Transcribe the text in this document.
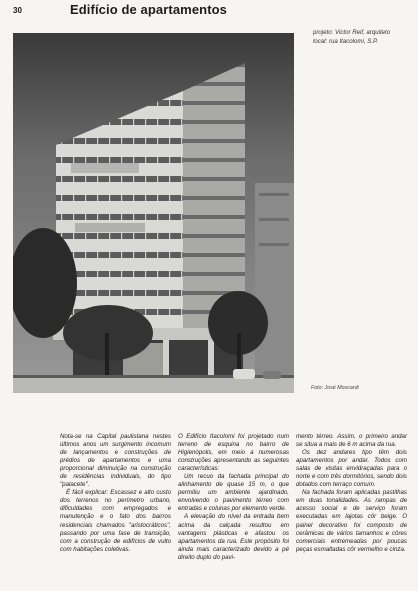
30	Edifício de apartamentos
projeto: Victor Reif, arquiteto
local: rua Itacolomi, S.P.
Foto: José Moscardi

Nota-se na Capital paulistana nestes últimos anos um surgimento incomum de lançamentos e construções de prédios de apartamentos e uma proporcional diminuição na construção de residências individuais, do tipo "palacete".

É fácil explicar: Escassez e alto custo dos terrenos no perímetro urbano, dificuldades com empregados e manutenção e o fato dos bairros residenciais chamados "aristocráticos", passando por uma fase de transição, com a construção de edifícios de vulto com habitações coletivas.

O Edifício Itacolomi foi projetado num terreno de esquina no bairro de Higienópolis, em meio a numerosas construções apresentando as seguintes características:

Um recuo da fachada principal do alinhamento de quase 15 m, o que permitiu um ambiente ajardinado, envolvendo o pavimento térreo com entradas e colunas por elemento verde.

A elevação do nível da entrada bem acima da calçada resultou em vantagens plásticas e afastou os apartamentos da rua. Este propósito foi ainda mais caracterizado devido a pé direito duplo do pavi-

mento térreo. Assim, o primeiro andar se situa a mais de 6 m acima da rua.

Os dez andares tipo têm dois apartamentos por andar. Todos com salas de visitas envidraçadas para o norte e com três dormitórios, sendo dois dotados com terraço comum.

Na fachada foram aplicadas pastilhas em duas tonalidades. As rampas de acesso social e de serviço foram executadas em lajotas côr beige. O painel decorativo foi composto de cerâmicas de vários tamanhos e côres comerciais entremeadas por poucas peças esmaltadas côr vermelho e cinza.
